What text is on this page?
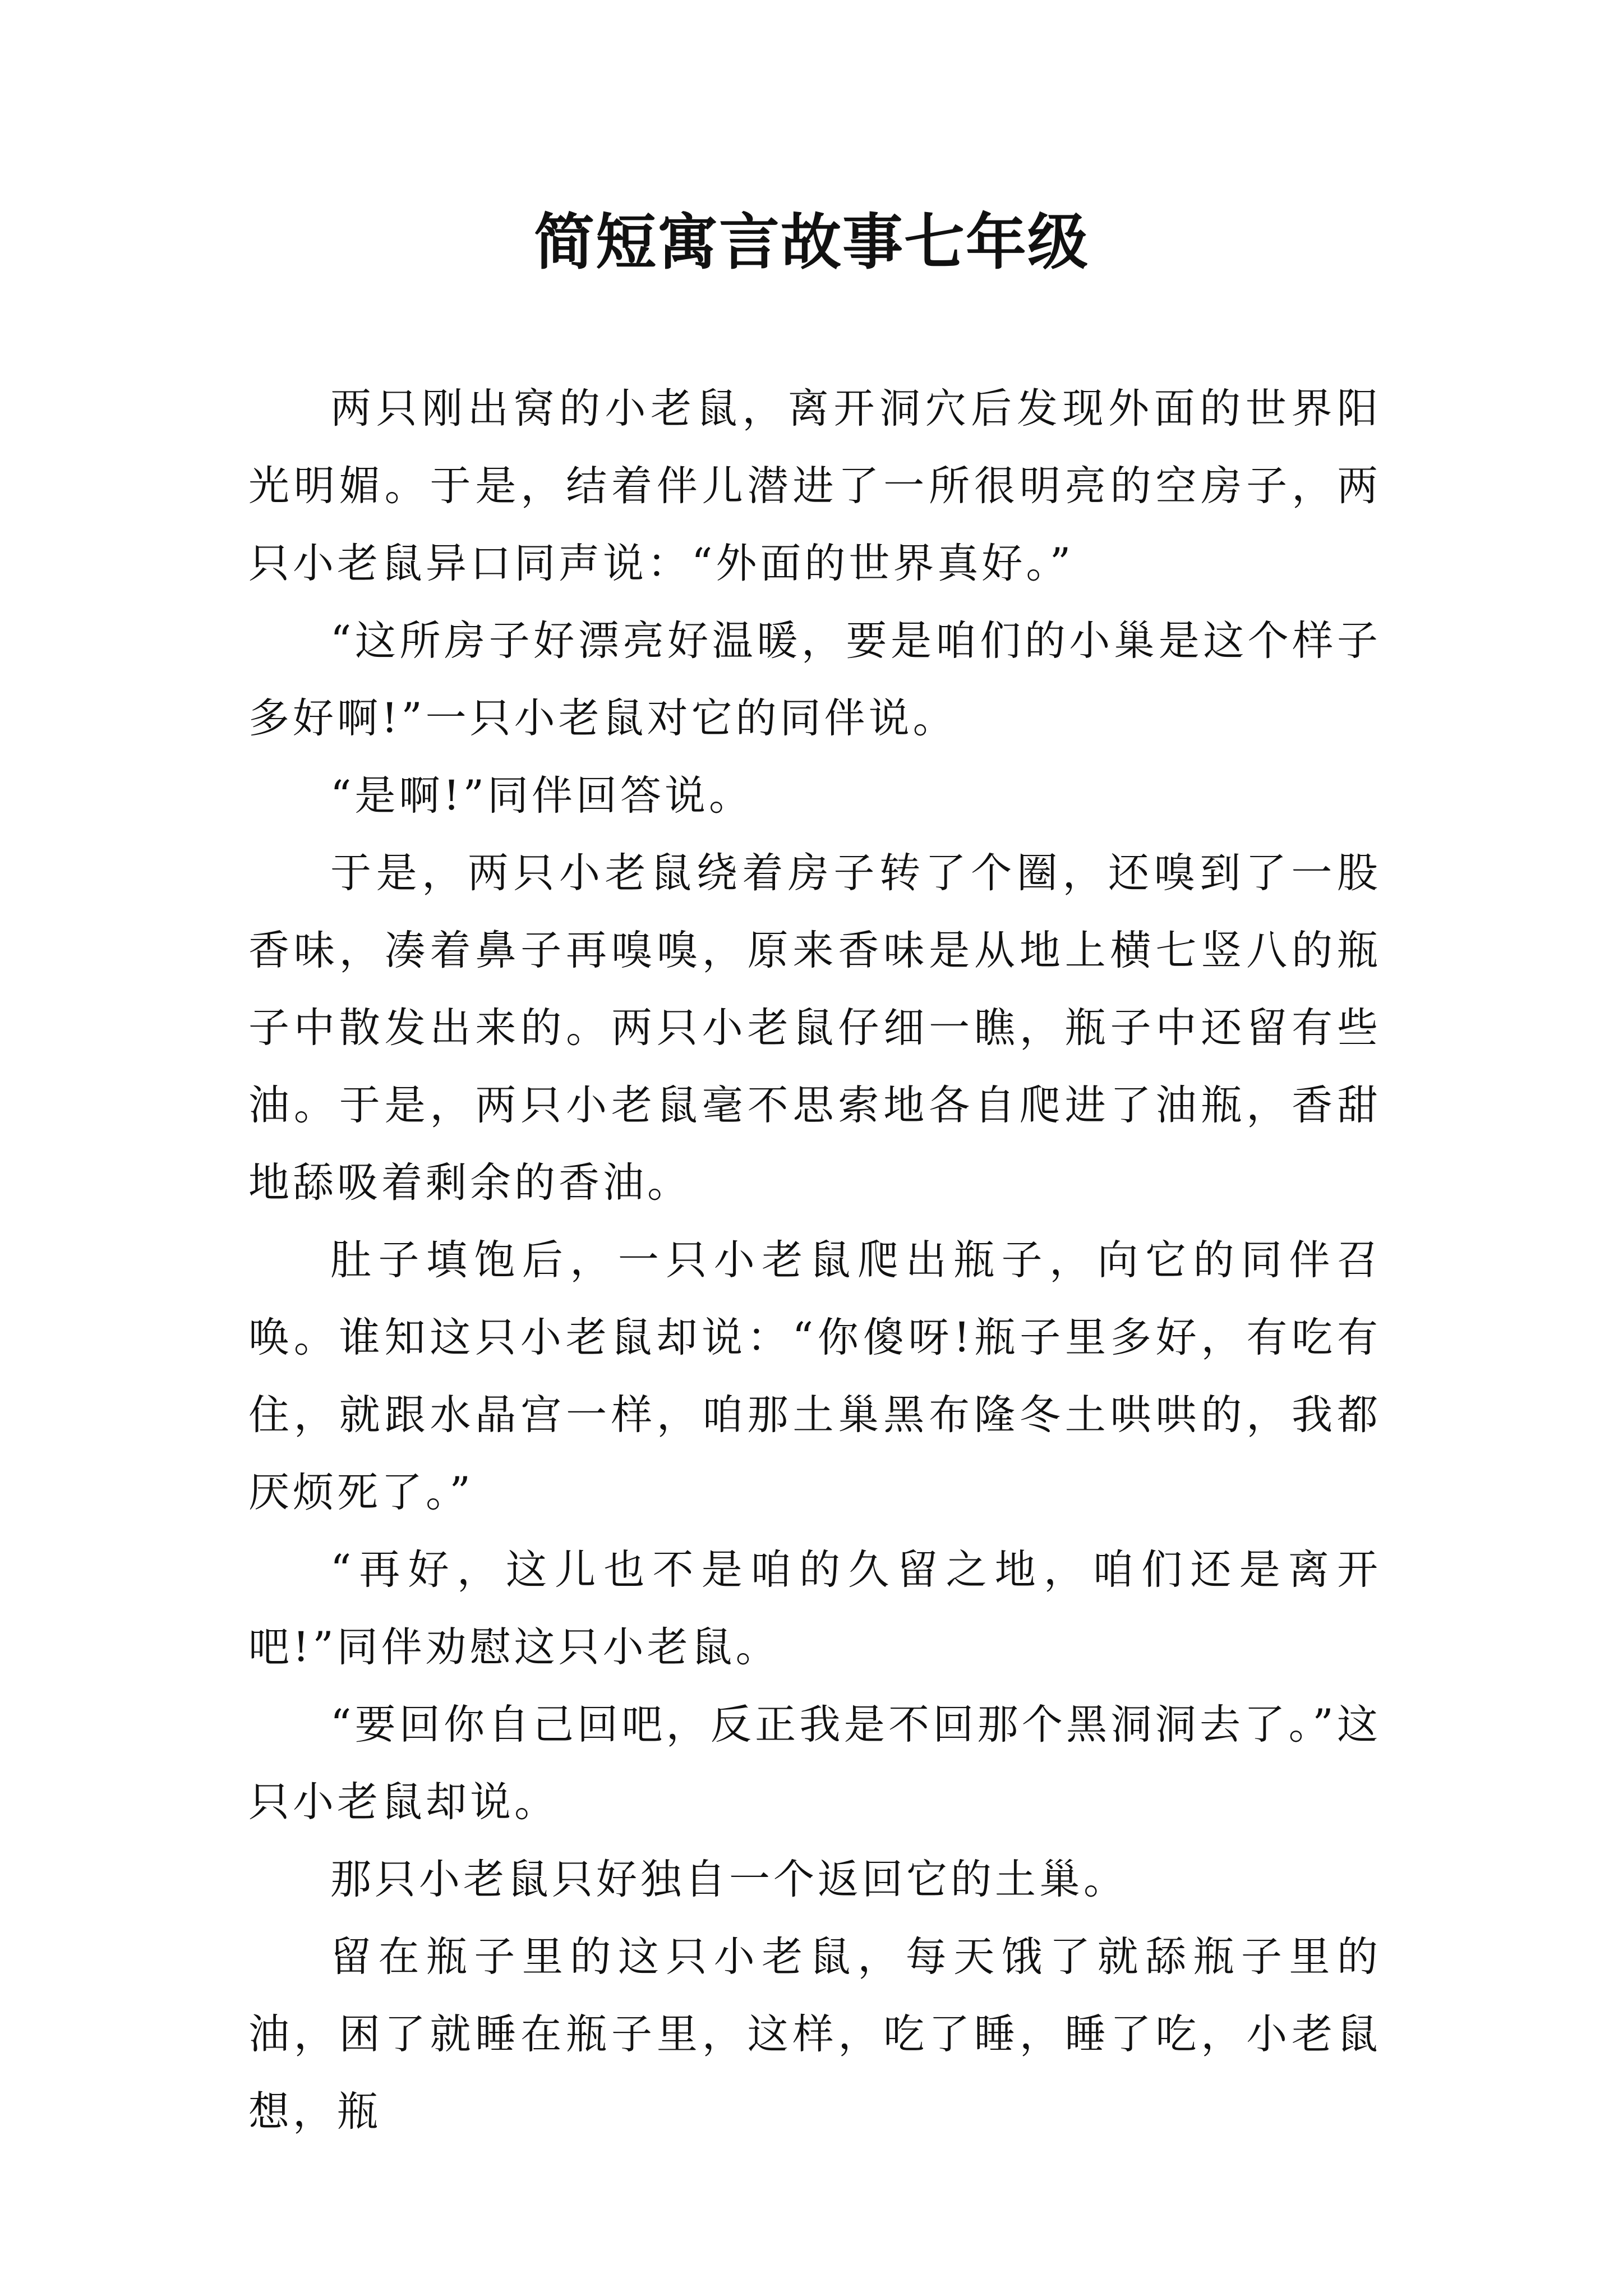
简短寓言故事七年级

两只刚出窝的小老鼠，离开洞穴后发现外面的世界阳光明媚。于是，结着伴儿潜进了一所很明亮的空房子，两只小老鼠异口同声说：“外面的世界真好。”

“这所房子好漂亮好温暖，要是咱们的小巢是这个样子多好啊!”一只小老鼠对它的同伴说。

“是啊!”同伴回答说。

于是，两只小老鼠绕着房子转了个圈，还嗅到了一股香味，凑着鼻子再嗅嗅，原来香味是从地上横七竖八的瓶子中散发出来的。两只小老鼠仔细一瞧，瓶子中还留有些油。于是，两只小老鼠毫不思索地各自爬进了油瓶，香甜地舔吸着剩余的香油。

肚子填饱后，一只小老鼠爬出瓶子，向它的同伴召唤。谁知这只小老鼠却说：“你傻呀!瓶子里多好，有吃有住，就跟水晶宫一样，咱那土巢黑布隆冬土哄哄的，我都厌烦死了。”

“再好，这儿也不是咱的久留之地，咱们还是离开吧!”同伴劝慰这只小老鼠。

“要回你自己回吧，反正我是不回那个黑洞洞去了。”这只小老鼠却说。

那只小老鼠只好独自一个返回它的土巢。

留在瓶子里的这只小老鼠，每天饿了就舔瓶子里的油，困了就睡在瓶子里，这样，吃了睡，睡了吃，小老鼠想，瓶
